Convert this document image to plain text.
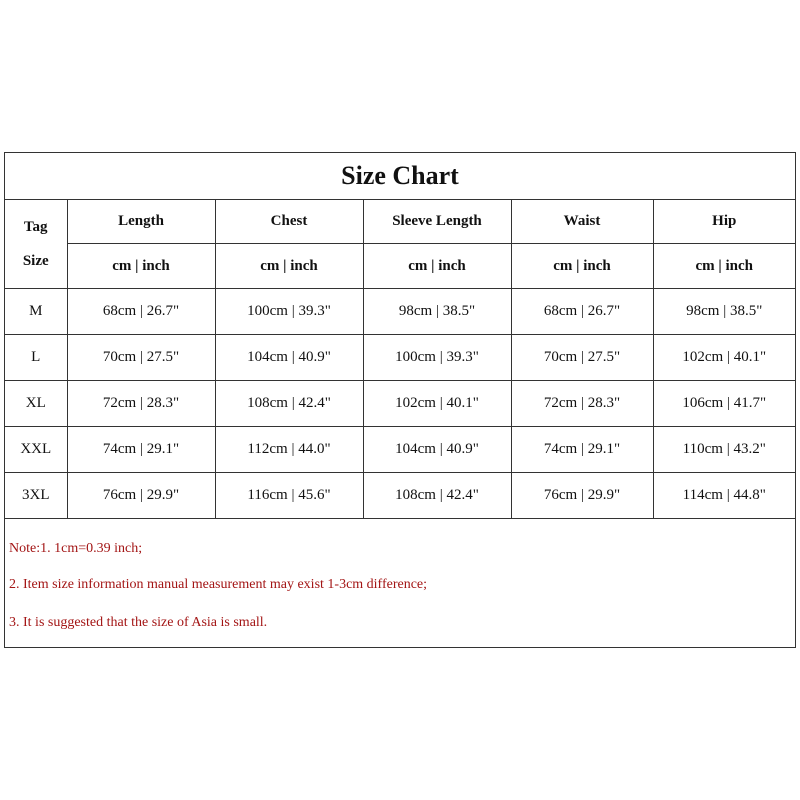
Size Chart
Tag
Size	Length	Chest	Sleeve Length	Waist	Hip
	cm | inch	cm | inch	cm | inch	cm | inch	cm | inch
M	68cm | 26.7"	100cm | 39.3"	98cm | 38.5"	68cm | 26.7"	98cm | 38.5"
L	70cm | 27.5"	104cm | 40.9"	100cm | 39.3"	70cm | 27.5"	102cm | 40.1"
XL	72cm | 28.3"	108cm | 42.4"	102cm | 40.1"	72cm | 28.3"	106cm | 41.7"
XXL	74cm | 29.1"	112cm | 44.0"	104cm | 40.9"	74cm | 29.1"	110cm | 43.2"
3XL	76cm | 29.9"	116cm | 45.6"	108cm | 42.4"	76cm | 29.9"	114cm | 44.8"
Note:1. 1cm=0.39 inch;
2. Item size information manual measurement may exist 1-3cm difference;
3. It is suggested that the size of Asia is small.
